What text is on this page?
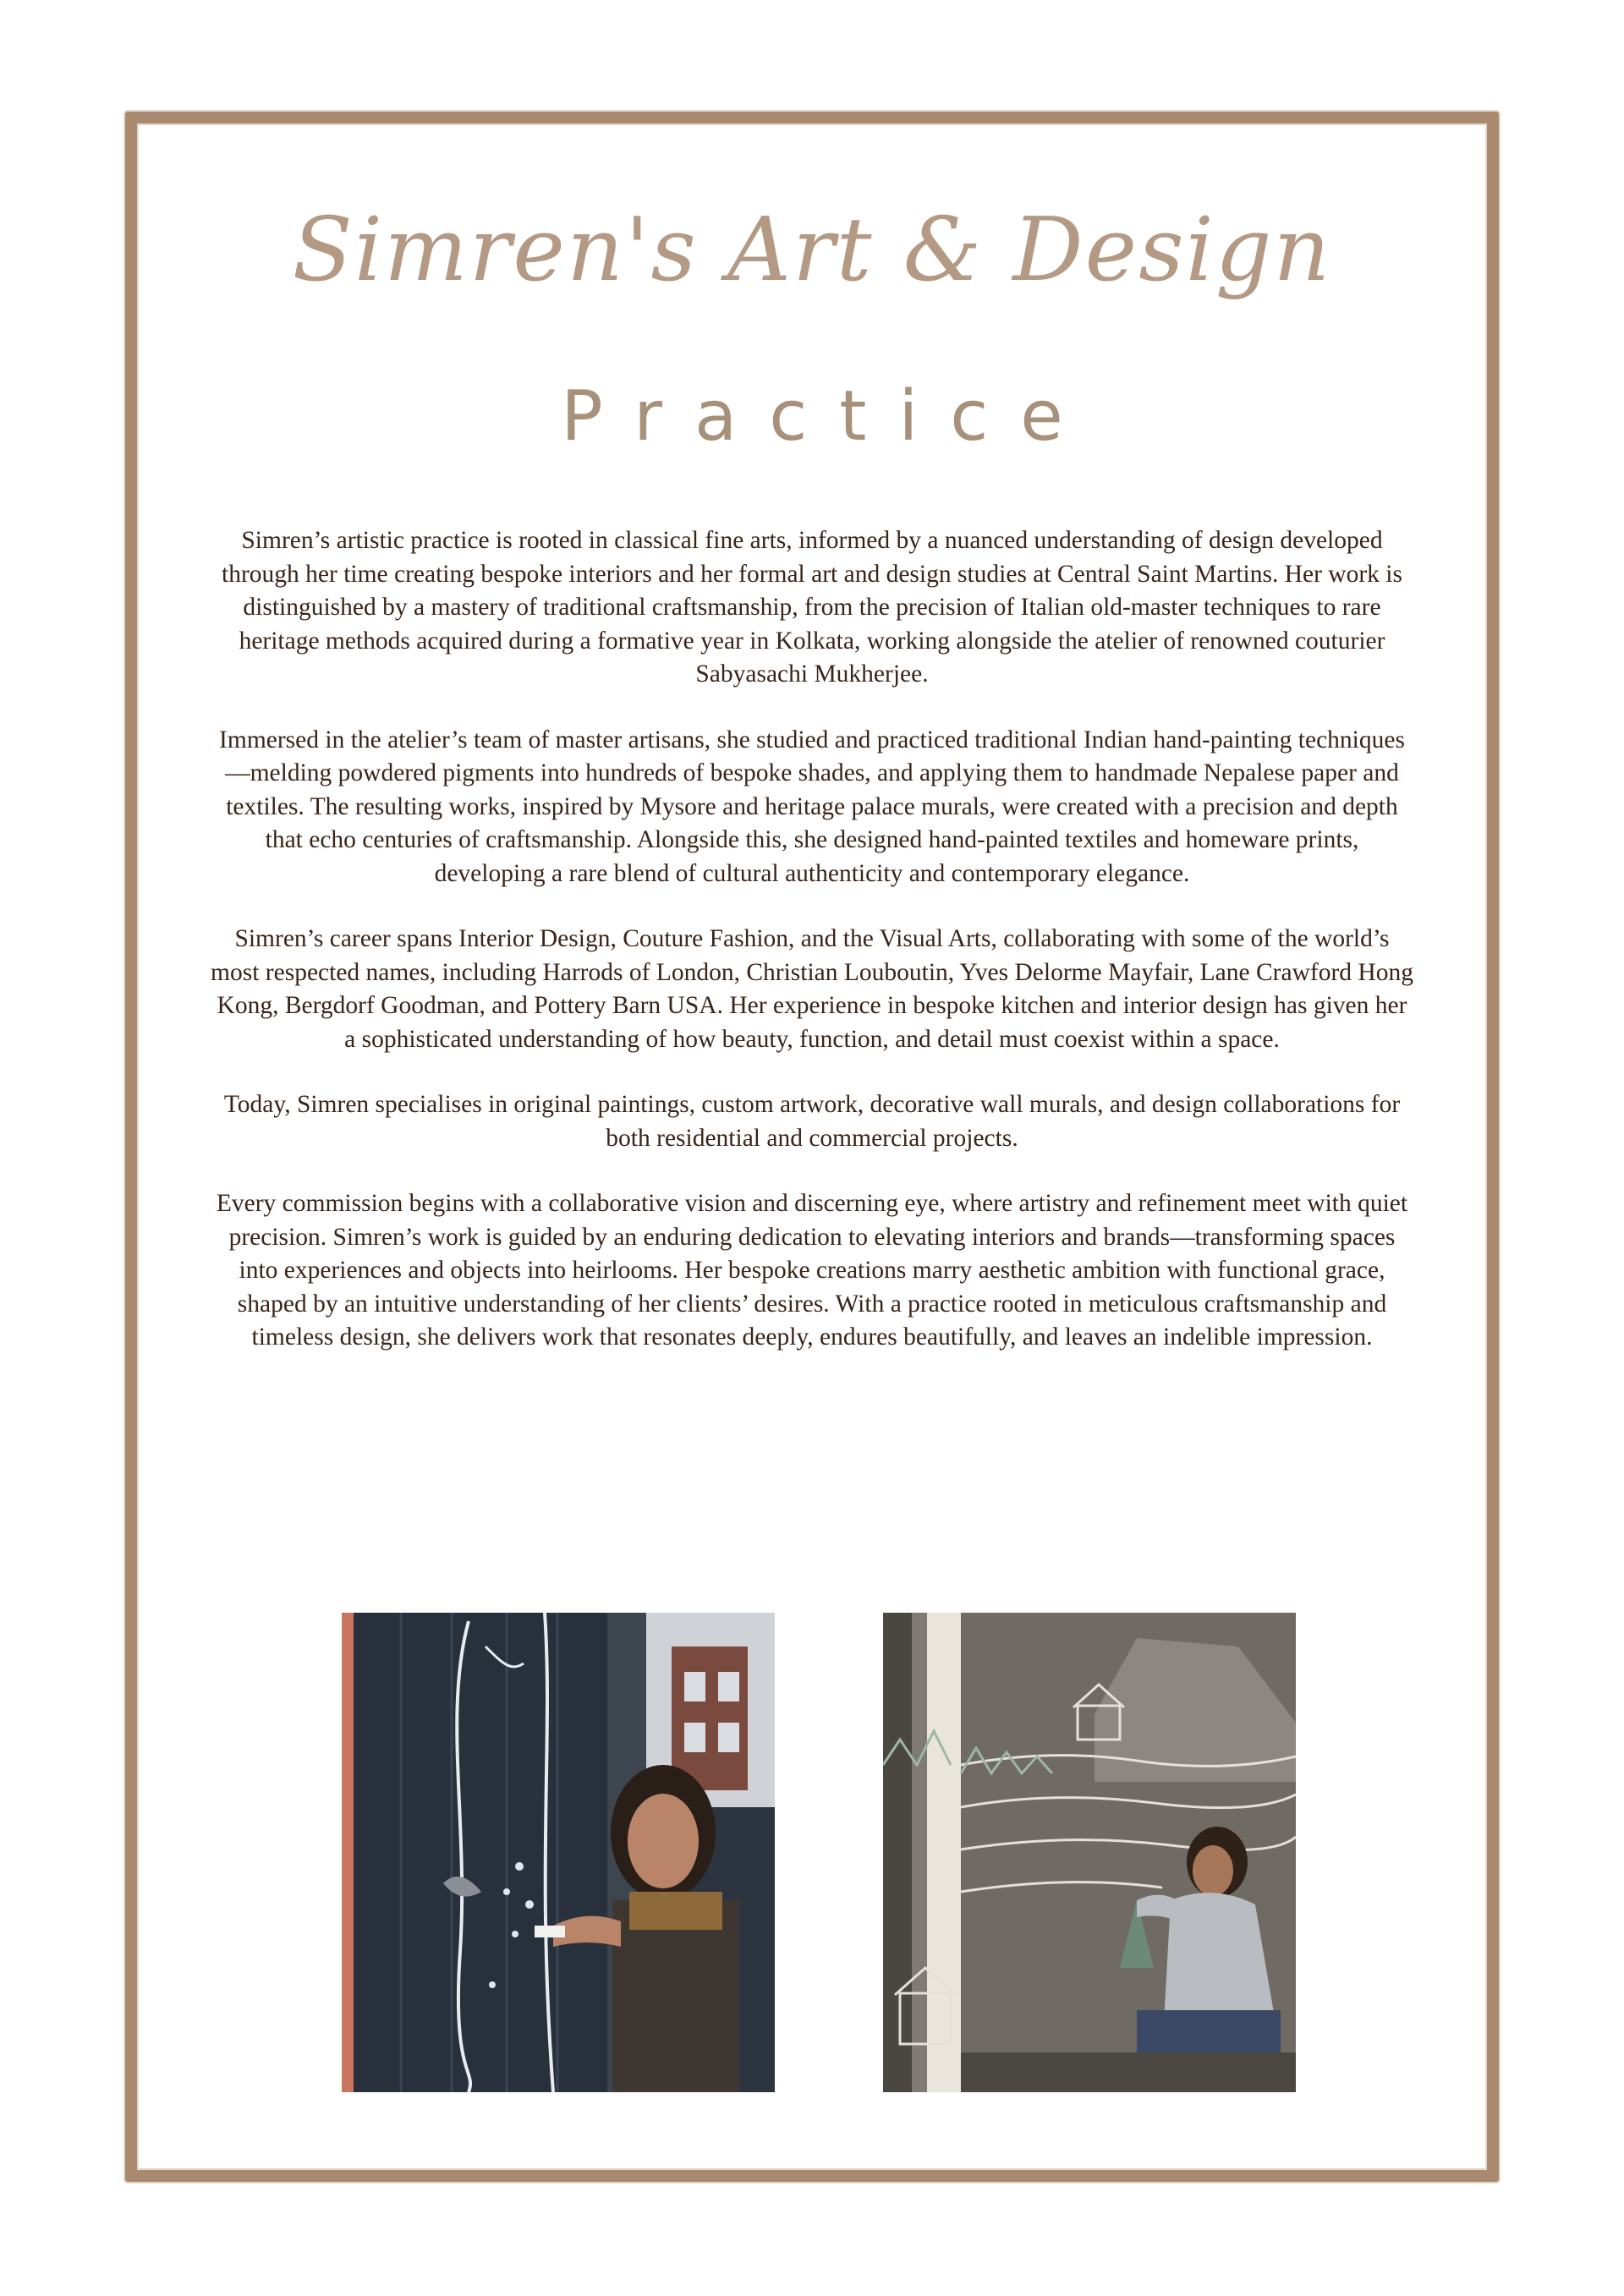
Simren's Art & Design
Practice

Simren’s artistic practice is rooted in classical fine arts, informed by a nuanced understanding of design developed through her time creating bespoke interiors and her formal art and design studies at Central Saint Martins. Her work is distinguished by a mastery of traditional craftsmanship, from the precision of Italian old-master techniques to rare heritage methods acquired during a formative year in Kolkata, working alongside the atelier of renowned couturier Sabyasachi Mukherjee.

Immersed in the atelier’s team of master artisans, she studied and practiced traditional Indian hand-painting techniques—melding powdered pigments into hundreds of bespoke shades, and applying them to handmade Nepalese paper and textiles. The resulting works, inspired by Mysore and heritage palace murals, were created with a precision and depth that echo centuries of craftsmanship. Alongside this, she designed hand-painted textiles and homeware prints, developing a rare blend of cultural authenticity and contemporary elegance.

Simren’s career spans Interior Design, Couture Fashion, and the Visual Arts, collaborating with some of the world’s most respected names, including Harrods of London, Christian Louboutin, Yves Delorme Mayfair, Lane Crawford Hong Kong, Bergdorf Goodman, and Pottery Barn USA. Her experience in bespoke kitchen and interior design has given her a sophisticated understanding of how beauty, function, and detail must coexist within a space.

Today, Simren specialises in original paintings, custom artwork, decorative wall murals, and design collaborations for both residential and commercial projects.

Every commission begins with a collaborative vision and discerning eye, where artistry and refinement meet with quiet precision. Simren’s work is guided by an enduring dedication to elevating interiors and brands—transforming spaces into experiences and objects into heirlooms. Her bespoke creations marry aesthetic ambition with functional grace, shaped by an intuitive understanding of her clients’ desires. With a practice rooted in meticulous craftsmanship and timeless design, she delivers work that resonates deeply, endures beautifully, and leaves an indelible impression.
